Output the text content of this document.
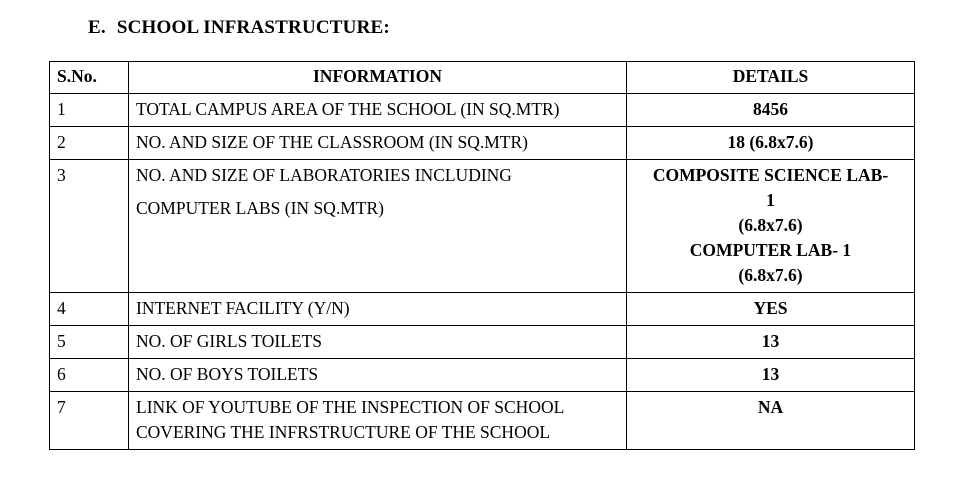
E. SCHOOL INFRASTRUCTURE:
S.No.	INFORMATION	DETAILS
1	TOTAL CAMPUS AREA OF THE SCHOOL (IN SQ.MTR)	8456

2	NO. AND SIZE OF THE CLASSROOM (IN SQ.MTR)	18 (6.8x7.6)

3	NO. AND SIZE OF LABORATORIES INCLUDING
COMPUTER LABS (IN SQ.MTR)	COMPOSITE SCIENCE LAB-
1
(6.8x7.6)
COMPUTER LAB- 1
(6.8x7.6)

4	INTERNET FACILITY (Y/N)	YES

5	NO. OF GIRLS TOILETS	13

6	NO. OF BOYS TOILETS	13

7	LINK OF YOUTUBE OF THE INSPECTION OF SCHOOL
COVERING THE INFRSTRUCTURE OF THE SCHOOL	NA
